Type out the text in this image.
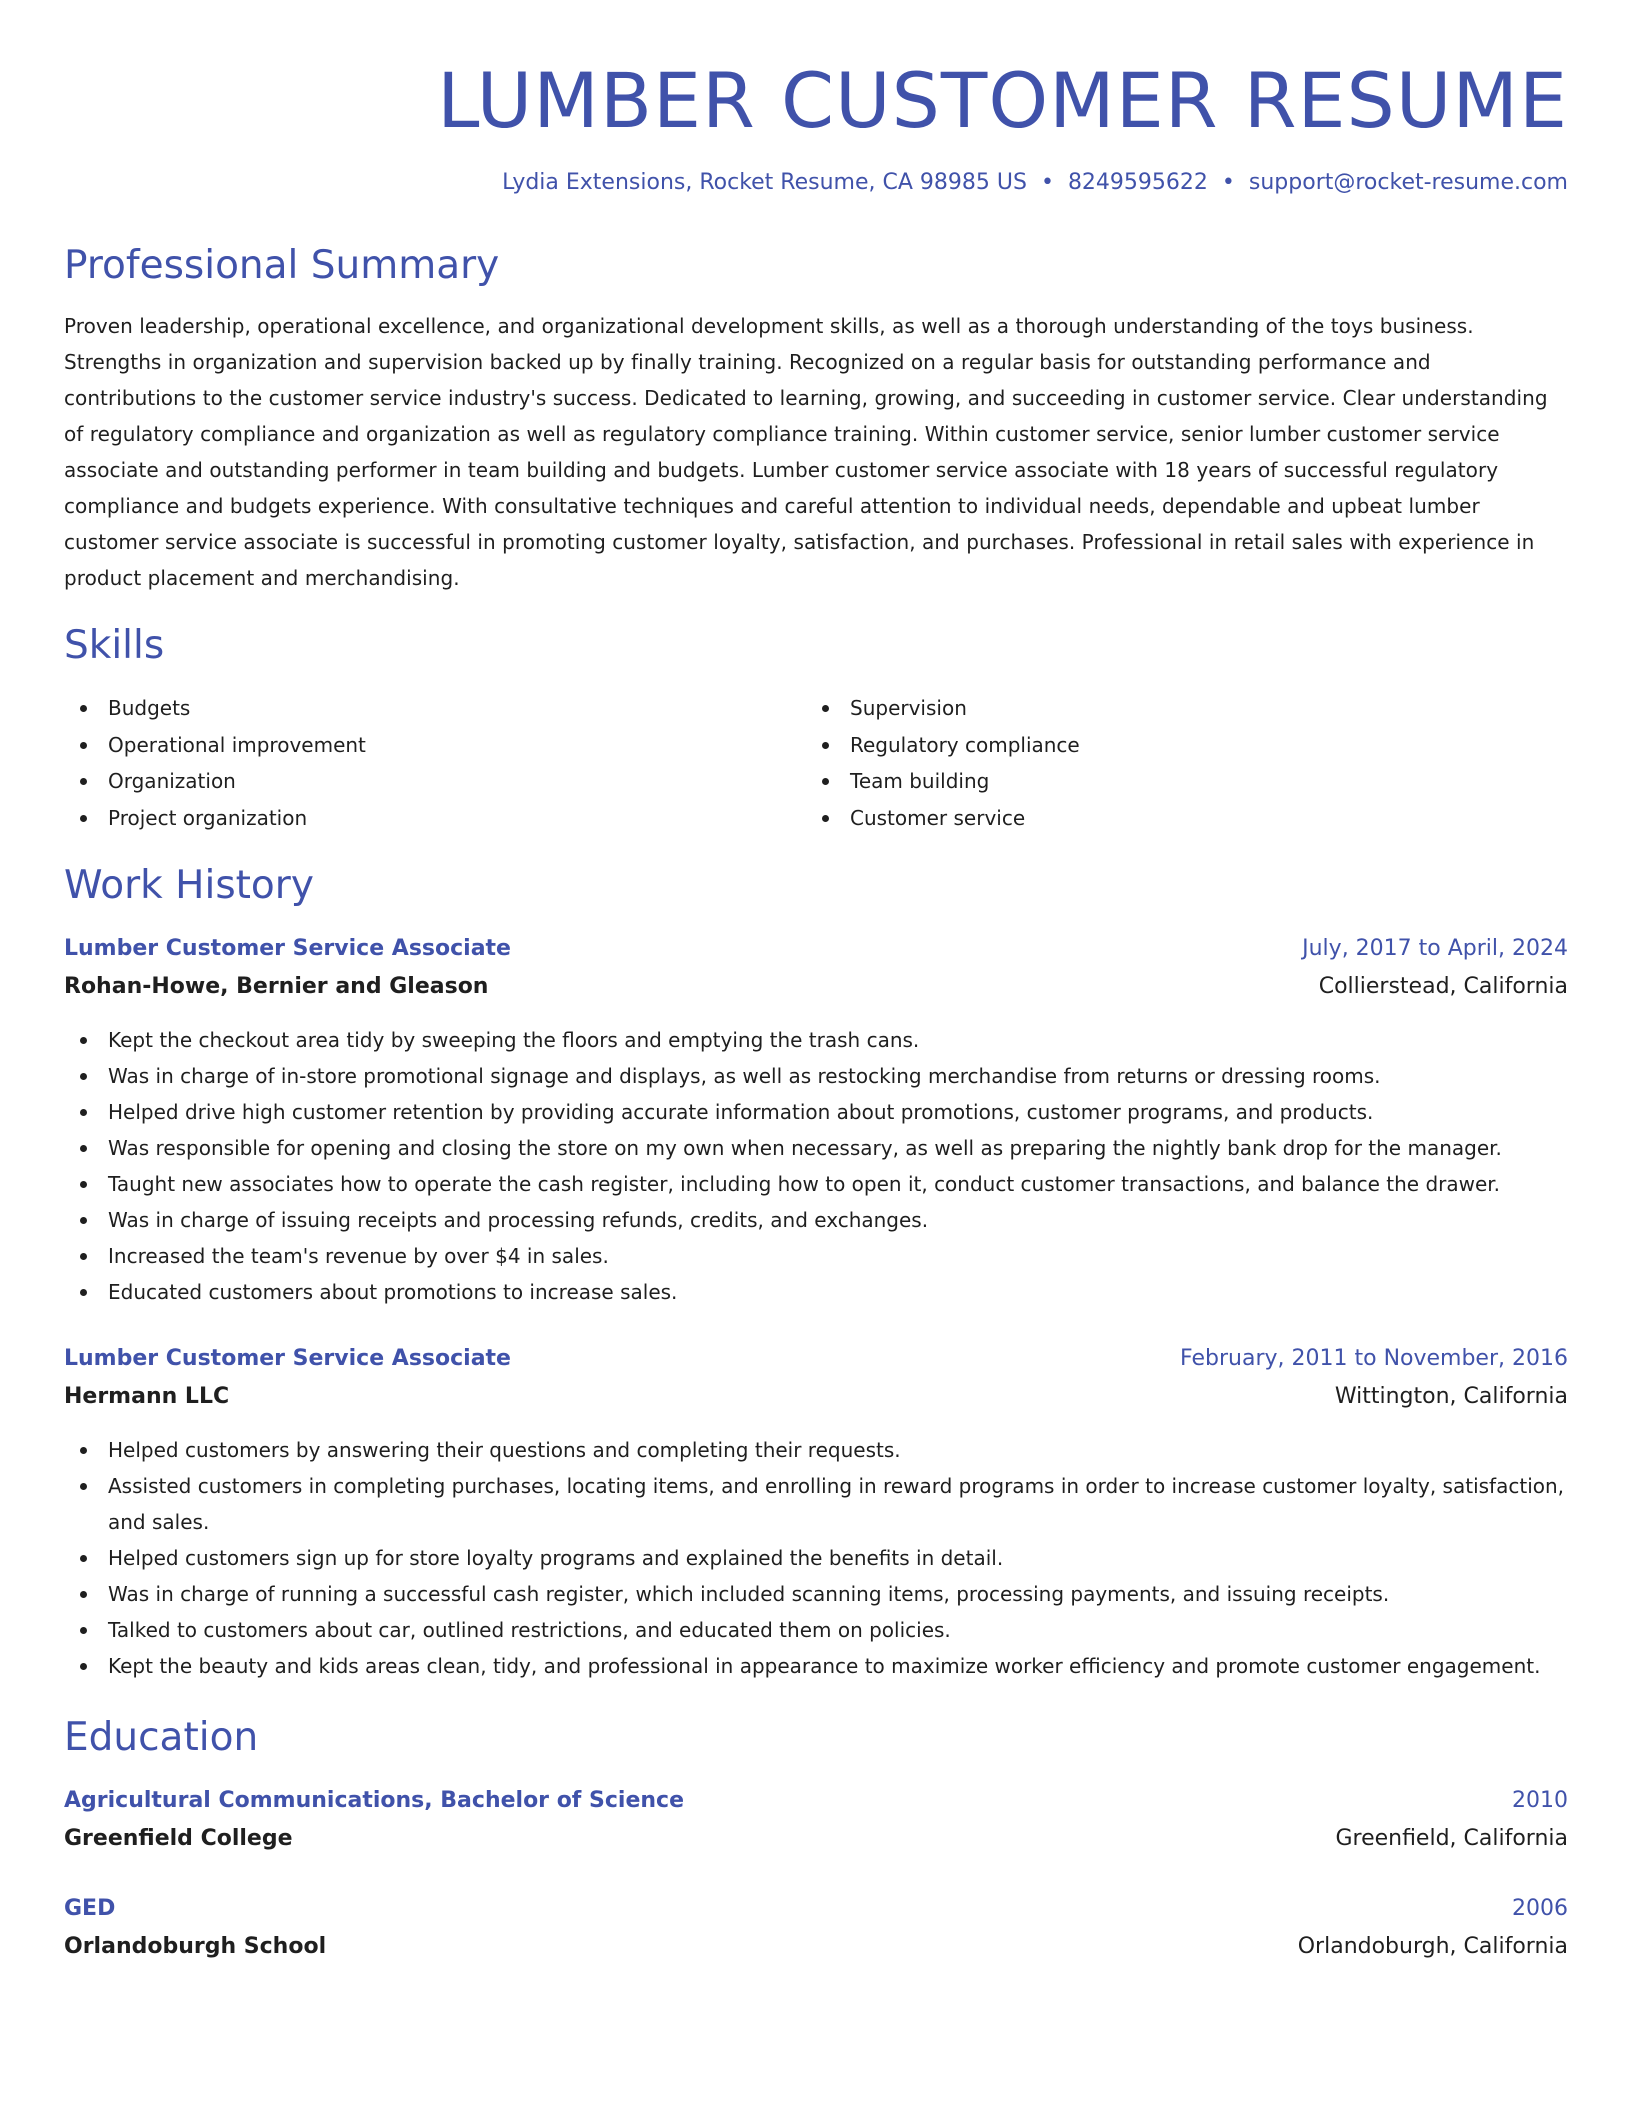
LUMBER CUSTOMER RESUME
Lydia Extensions, Rocket Resume, CA 98985 US • 8249595622 • support@rocket-resume.com
Professional Summary

Proven leadership, operational excellence, and organizational development skills, as well as a thorough understanding of the toys business. Strengths in organization and supervision backed up by finally training. Recognized on a regular basis for outstanding performance and contributions to the customer service industry's success. Dedicated to learning, growing, and succeeding in customer service. Clear understanding of regulatory compliance and organization as well as regulatory compliance training. Within customer service, senior lumber customer service associate and outstanding performer in team building and budgets. Lumber customer service associate with 18 years of successful regulatory compliance and budgets experience. With consultative techniques and careful attention to individual needs, dependable and upbeat lumber customer service associate is successful in promoting customer loyalty, satisfaction, and purchases. Professional in retail sales with experience in product placement and merchandising.

Skills
Budgets
Operational improvement
Organization
Project organization
Supervision
Regulatory compliance
Team building
Customer service
Work History
Lumber Customer Service Associate	July, 2017 to April, 2024
Rohan-Howe, Bernier and Gleason	Collierstead, California
Kept the checkout area tidy by sweeping the floors and emptying the trash cans.
Was in charge of in-store promotional signage and displays, as well as restocking merchandise from returns or dressing rooms.
Helped drive high customer retention by providing accurate information about promotions, customer programs, and products.
Was responsible for opening and closing the store on my own when necessary, as well as preparing the nightly bank drop for the manager.
Taught new associates how to operate the cash register, including how to open it, conduct customer transactions, and balance the drawer.
Was in charge of issuing receipts and processing refunds, credits, and exchanges.
Increased the team's revenue by over $4 in sales.
Educated customers about promotions to increase sales.
Lumber Customer Service Associate	February, 2011 to November, 2016
Hermann LLC	Wittington, California
Helped customers by answering their questions and completing their requests.
Assisted customers in completing purchases, locating items, and enrolling in reward programs in order to increase customer loyalty, satisfaction, and sales.
Helped customers sign up for store loyalty programs and explained the benefits in detail.
Was in charge of running a successful cash register, which included scanning items, processing payments, and issuing receipts.
Talked to customers about car, outlined restrictions, and educated them on policies.
Kept the beauty and kids areas clean, tidy, and professional in appearance to maximize worker efficiency and promote customer engagement.
Education
Agricultural Communications, Bachelor of Science	2010
Greenfield College	Greenfield, California
GED	2006
Orlandoburgh School	Orlandoburgh, California
